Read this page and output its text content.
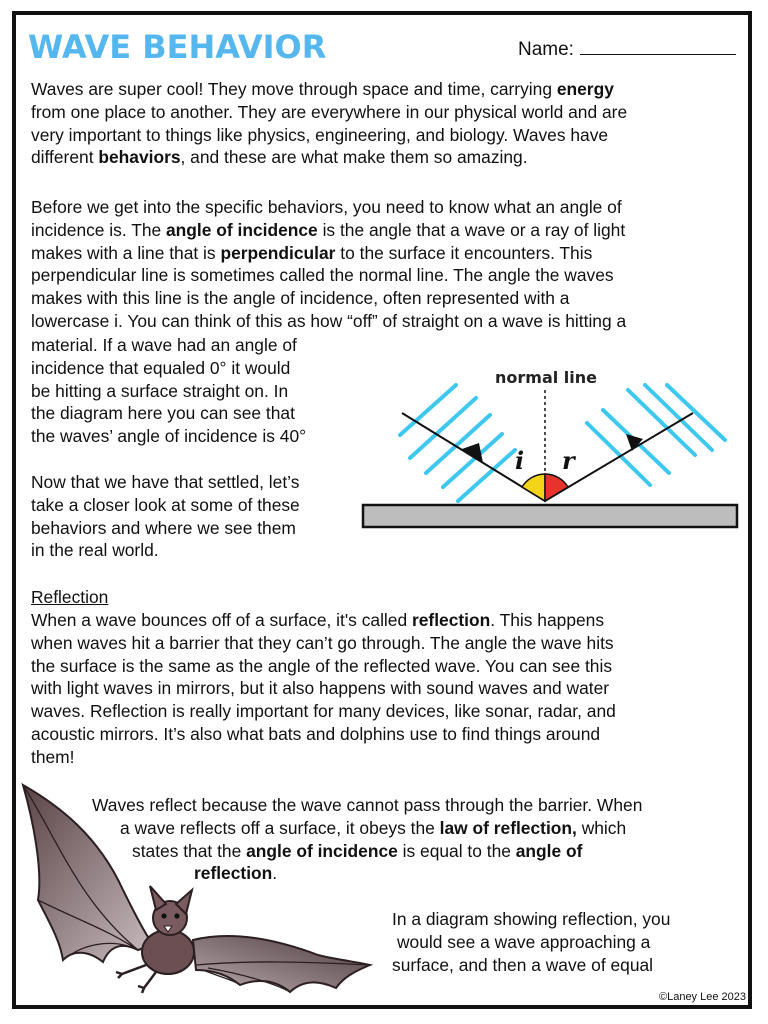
WAVE BEHAVIOR	Name:
Waves are super cool! They move through space and time, carrying energy
from one place to another. They are everywhere in our physical world and are
very important to things like physics, engineering, and biology. Waves have
different behaviors, and these are what make them so amazing.
Before we get into the specific behaviors, you need to know what an angle of
incidence is. The angle of incidence is the angle that a wave or a ray of light
makes with a line that is perpendicular to the surface it encounters. This
perpendicular line is sometimes called the normal line. The angle the waves
makes with this line is the angle of incidence, often represented with a
lowercase i. You can think of this as how “off” of straight on a wave is hitting a
material. If a wave had an angle of
incidence that equaled 0° it would
be hitting a surface straight on. In
the diagram here you can see that
the waves’ angle of incidence is 40°
Now that we have that settled, let’s
take a closer look at some of these
behaviors and where we see them
in the real world.
normal line
i r
Reflection
When a wave bounces off of a surface, it's called reflection. This happens
when waves hit a barrier that they can’t go through. The angle the wave hits
the surface is the same as the angle of the reflected wave. You can see this
with light waves in mirrors, but it also happens with sound waves and water
waves. Reflection is really important for many devices, like sonar, radar, and
acoustic mirrors. It’s also what bats and dolphins use to find things around
them!
Waves reflect because the wave cannot pass through the barrier. When
a wave reflects off a surface, it obeys the law of reflection, which
states that the angle of incidence is equal to the angle of
reflection.
In a diagram showing reflection, you
would see a wave approaching a
surface, and then a wave of equal
©Laney Lee 2023
